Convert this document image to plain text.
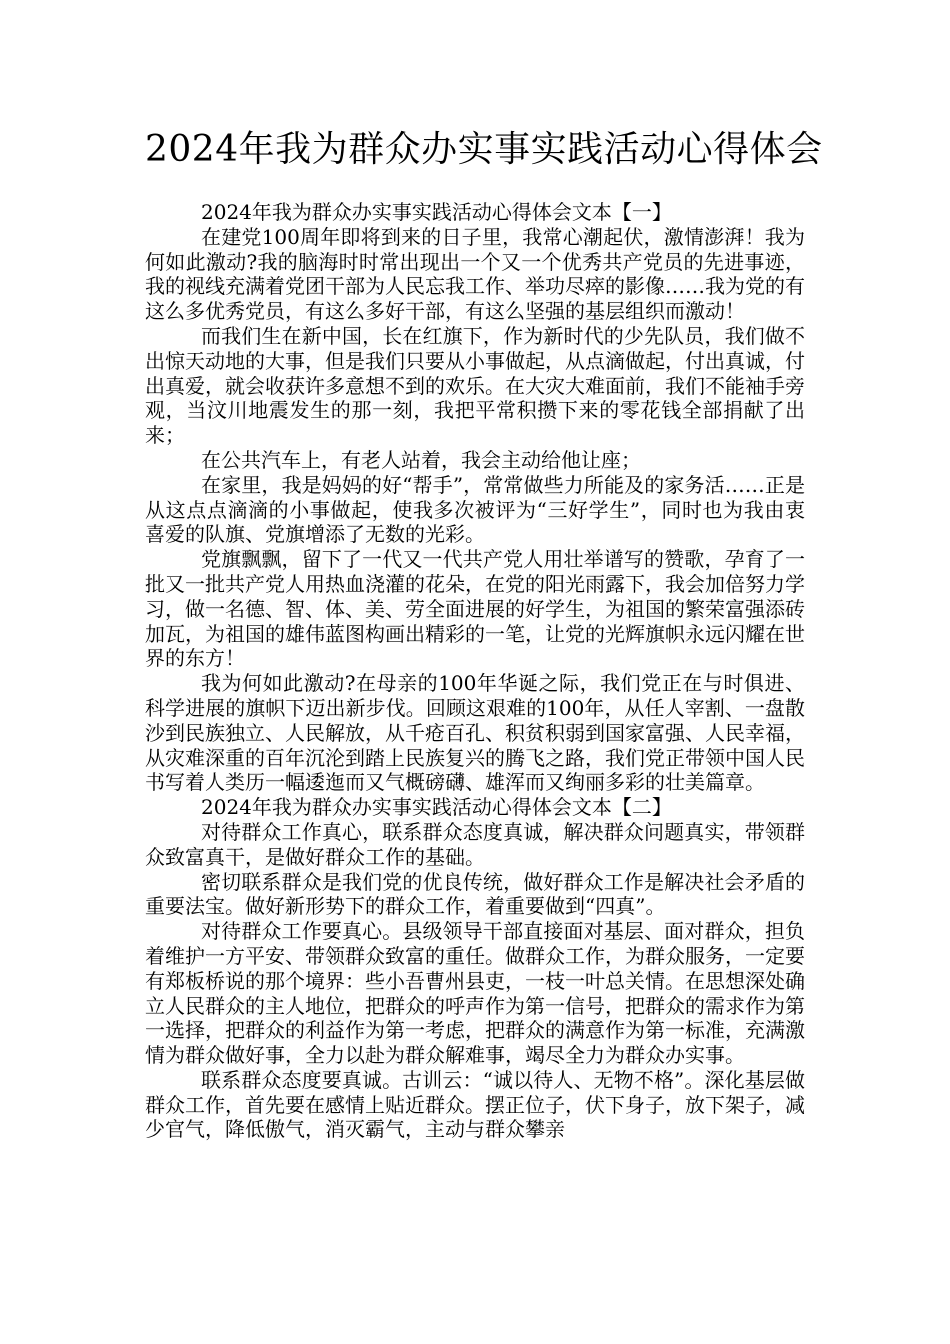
2024年我为群众办实事实践活动心得体会

2024年我为群众办实事实践活动心得体会文本【一】

在建党100周年即将到来的日子里，我常心潮起伏，激情澎湃！我为何如此激动?我的脑海时时常出现出一个又一个优秀共产党员的先进事迹，我的视线充满着党团干部为人民忘我工作、举功尽瘁的影像……我为党的有这么多优秀党员，有这么多好干部，有这么坚强的基层组织而激动！

而我们生在新中国，长在红旗下，作为新时代的少先队员，我们做不出惊天动地的大事，但是我们只要从小事做起，从点滴做起，付出真诚，付出真爱，就会收获许多意想不到的欢乐。在大灾大难面前，我们不能袖手旁观，当汶川地震发生的那一刻，我把平常积攒下来的零花钱全部捐献了出来；

在公共汽车上，有老人站着，我会主动给他让座；

在家里，我是妈妈的好“帮手”，常常做些力所能及的家务活……正是从这点点滴滴的小事做起，使我多次被评为“三好学生”，同时也为我由衷喜爱的队旗、党旗增添了无数的光彩。

党旗飘飘，留下了一代又一代共产党人用壮举谱写的赞歌，孕育了一批又一批共产党人用热血浇灌的花朵，在党的阳光雨露下，我会加倍努力学习，做一名德、智、体、美、劳全面进展的好学生，为祖国的繁荣富强添砖加瓦，为祖国的雄伟蓝图构画出精彩的一笔，让党的光辉旗帜永远闪耀在世界的东方！

我为何如此激动?在母亲的100年华诞之际，我们党正在与时俱进、科学进展的旗帜下迈出新步伐。回顾这艰难的100年，从任人宰割、一盘散沙到民族独立、人民解放，从千疮百孔、积贫积弱到国家富强、人民幸福，从灾难深重的百年沉沦到踏上民族复兴的腾飞之路，我们党正带领中国人民书写着人类历一幅逶迤而又气概磅礴、雄浑而又绚丽多彩的壮美篇章。

2024年我为群众办实事实践活动心得体会文本【二】

对待群众工作真心，联系群众态度真诚，解决群众问题真实，带领群众致富真干，是做好群众工作的基础。

密切联系群众是我们党的优良传统，做好群众工作是解决社会矛盾的重要法宝。做好新形势下的群众工作，着重要做到“四真”。

对待群众工作要真心。县级领导干部直接面对基层、面对群众，担负着维护一方平安、带领群众致富的重任。做群众工作，为群众服务，一定要有郑板桥说的那个境界：些小吾曹州县吏，一枝一叶总关情。在思想深处确立人民群众的主人地位，把群众的呼声作为第一信号，把群众的需求作为第一选择，把群众的利益作为第一考虑，把群众的满意作为第一标准，充满激情为群众做好事，全力以赴为群众解难事，竭尽全力为群众办实事。

联系群众态度要真诚。古训云：“诚以待人、无物不格”。深化基层做群众工作，首先要在感情上贴近群众。摆正位子，伏下身子，放下架子，减少官气，降低傲气，消灭霸气，主动与群众攀亲
